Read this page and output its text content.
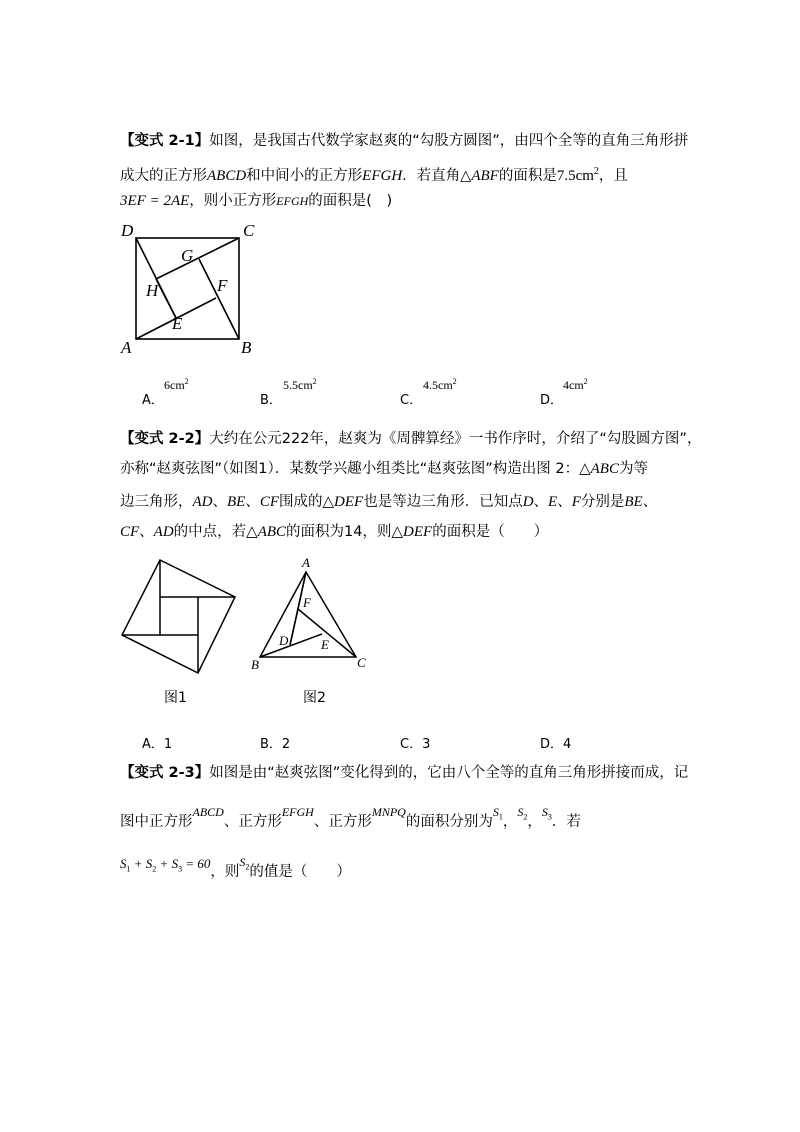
【变式 2-1】如图，是我国古代数学家赵爽的“勾股方圆图”，由四个全等的直角三角形拼
成大的正方形ABCD和中间小的正方形EFGH．若直角△ABF的面积是$7.5cm^2$，且
3EF = 2AE，则小正方形EFGH的面积是(　)
D	C
G
H	F
E
A	B
A．
$6cm^2$
B．
$5.5cm^2$
C．
$4.5cm^2$
D．
$4cm^2$
【变式 2-2】大约在公元222年，赵爽为《周髀算经》一书作序时，介绍了“勾股圆方图”，
亦称“赵爽弦图”（如图1）．某数学兴趣小组类比“赵爽弦图”构造出图 2：△ABC为等
边三角形，AD、BE、CF围成的△DEF也是等边三角形．已知点D、E、F分别是BE、
CF、AD的中点，若△ABC的面积为14，则△DEF的面积是（　　）
A
F
D	E
B	C
图1	图2
A．1	B．2	C．3	D．4
【变式 2-3】如图是由“赵爽弦图”变化得到的，它由八个全等的直角三角形拼接而成，记
图中正方形$^{ABCD}$、正方形$^{EFGH}$、正方形$^{MNPQ}$的面积分别为$^{S_1}$，$^{S_2}$，$^{S_3}$．若
$S_1 + S_2 + S_3 = 60$，则$^{S_2}$的值是（　　）
